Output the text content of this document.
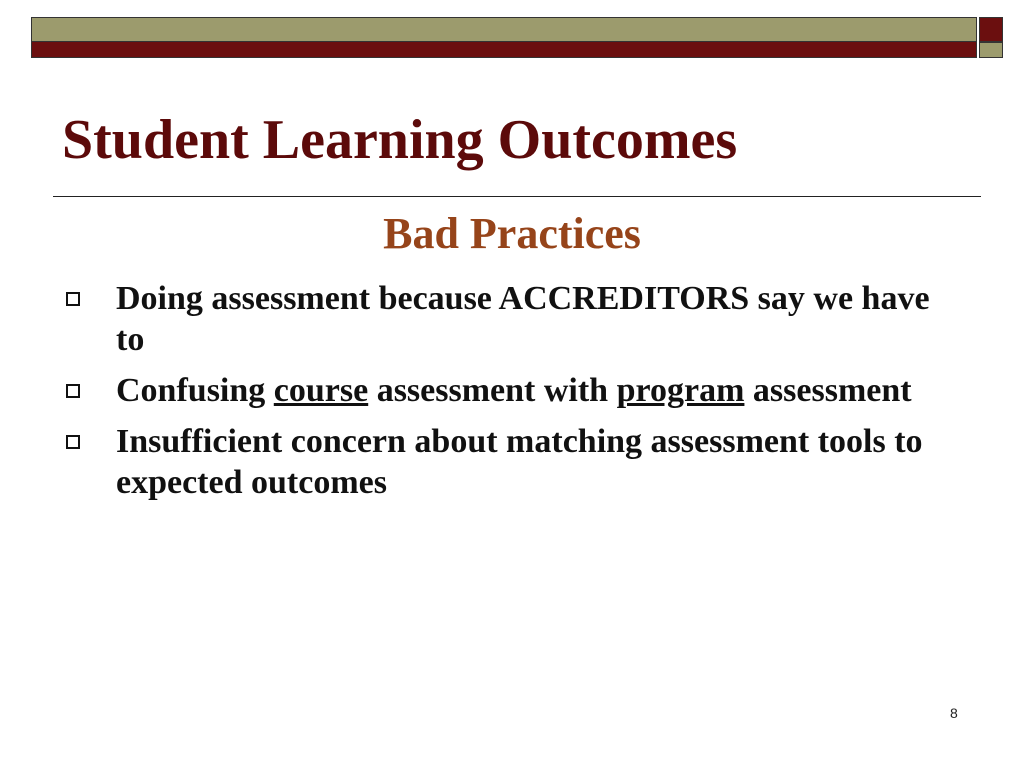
Student Learning Outcomes
Bad Practices
Doing assessment because ACCREDITORS say we have to
Confusing course assessment with program assessment
Insufficient concern about matching assessment tools to expected outcomes
8
